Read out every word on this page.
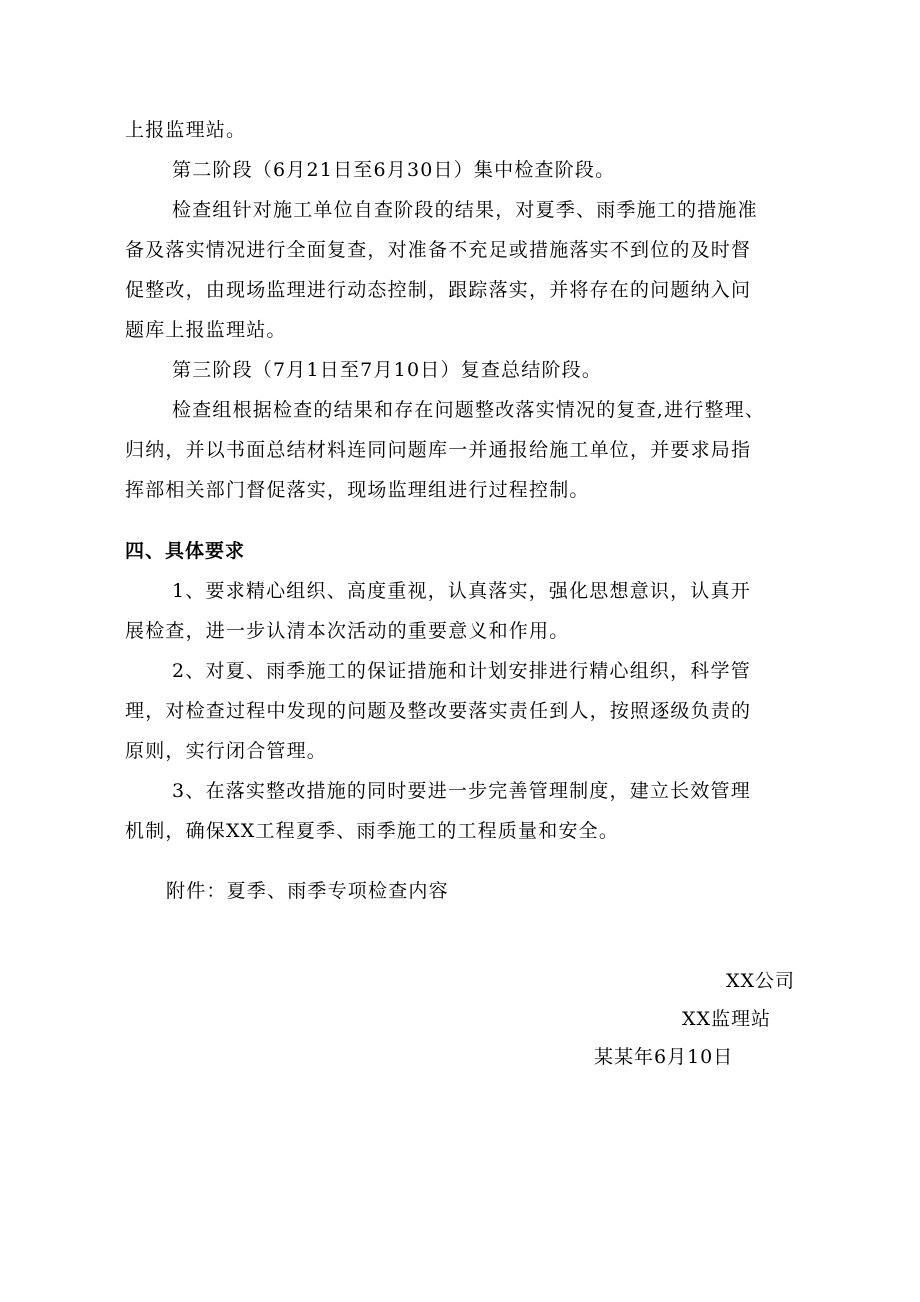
上报监理站。
第二阶段（6月21日至6月30日）集中检查阶段。
检查组针对施工单位自查阶段的结果，对夏季、雨季施工的措施准
备及落实情况进行全面复查，对准备不充足或措施落实不到位的及时督
促整改，由现场监理进行动态控制，跟踪落实，并将存在的问题纳入问
题库上报监理站。
第三阶段（7月1日至7月10日）复查总结阶段。
检查组根据检查的结果和存在问题整改落实情况的复查,进行整理、
归纳，并以书面总结材料连同问题库一并通报给施工单位，并要求局指
挥部相关部门督促落实，现场监理组进行过程控制。
四、具体要求
1、要求精心组织、高度重视，认真落实，强化思想意识，认真开
展检查，进一步认清本次活动的重要意义和作用。
2、对夏、雨季施工的保证措施和计划安排进行精心组织，科学管
理，对检查过程中发现的问题及整改要落实责任到人，按照逐级负责的
原则，实行闭合管理。
3、在落实整改措施的同时要进一步完善管理制度，建立长效管理
机制，确保XX工程夏季、雨季施工的工程质量和安全。
附件：夏季、雨季专项检查内容
XX公司
XX监理站
某某年6月10日
